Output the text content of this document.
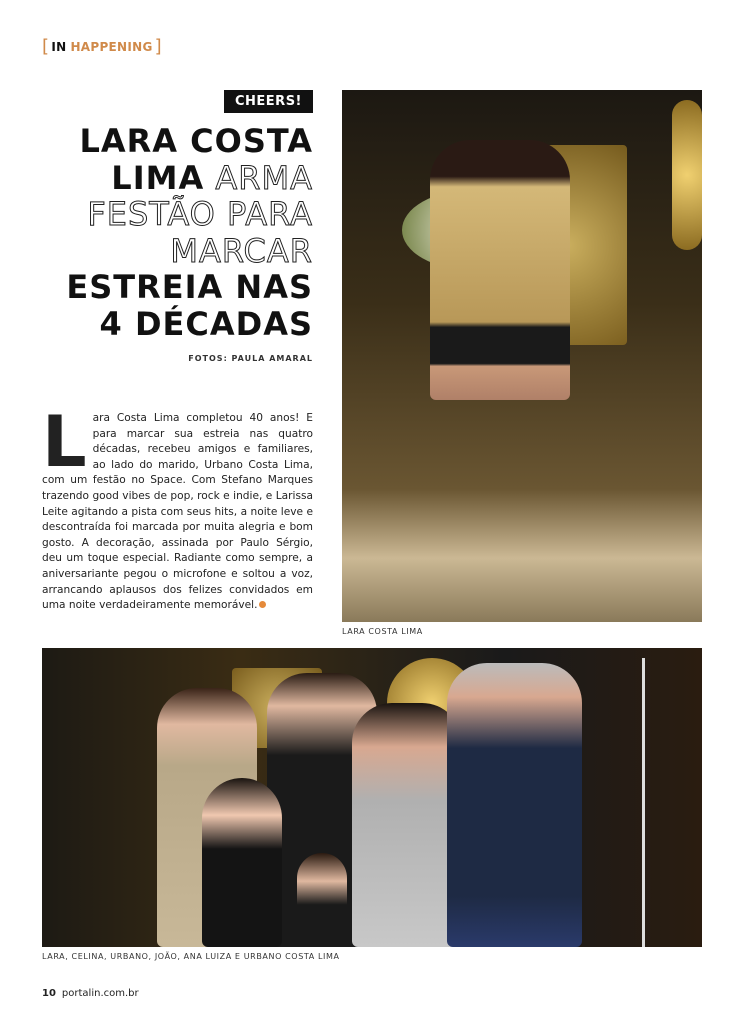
[ IN HAPPENING ]
CHEERS!
LARA COSTA
LIMA ARMA
FESTÃO PARA
MARCAR
ESTREIA NAS
4 DÉCADAS
FOTOS: PAULA AMARAL
Lara Costa Lima completou 40 anos! E para marcar sua estreia nas quatro décadas, recebeu amigos e familiares, ao lado do marido, Urbano Costa Lima, com um festão no Space. Com Stefano Marques trazendo good vibes de pop, rock e indie, e Larissa Leite agitando a pista com seus hits, a noite leve e descontraída foi marcada por muita alegria e bom gosto. A decoração, assinada por Paulo Sérgio, deu um toque especial. Radiante como sempre, a aniversariante pegou o microfone e soltou a voz, arrancando aplausos dos felizes convidados em uma noite verdadeiramente memorável.
LARA COSTA LIMA
LARA, CELINA, URBANO, JOÃO, ANA LUIZA E URBANO COSTA LIMA
10 portalin.com.br
